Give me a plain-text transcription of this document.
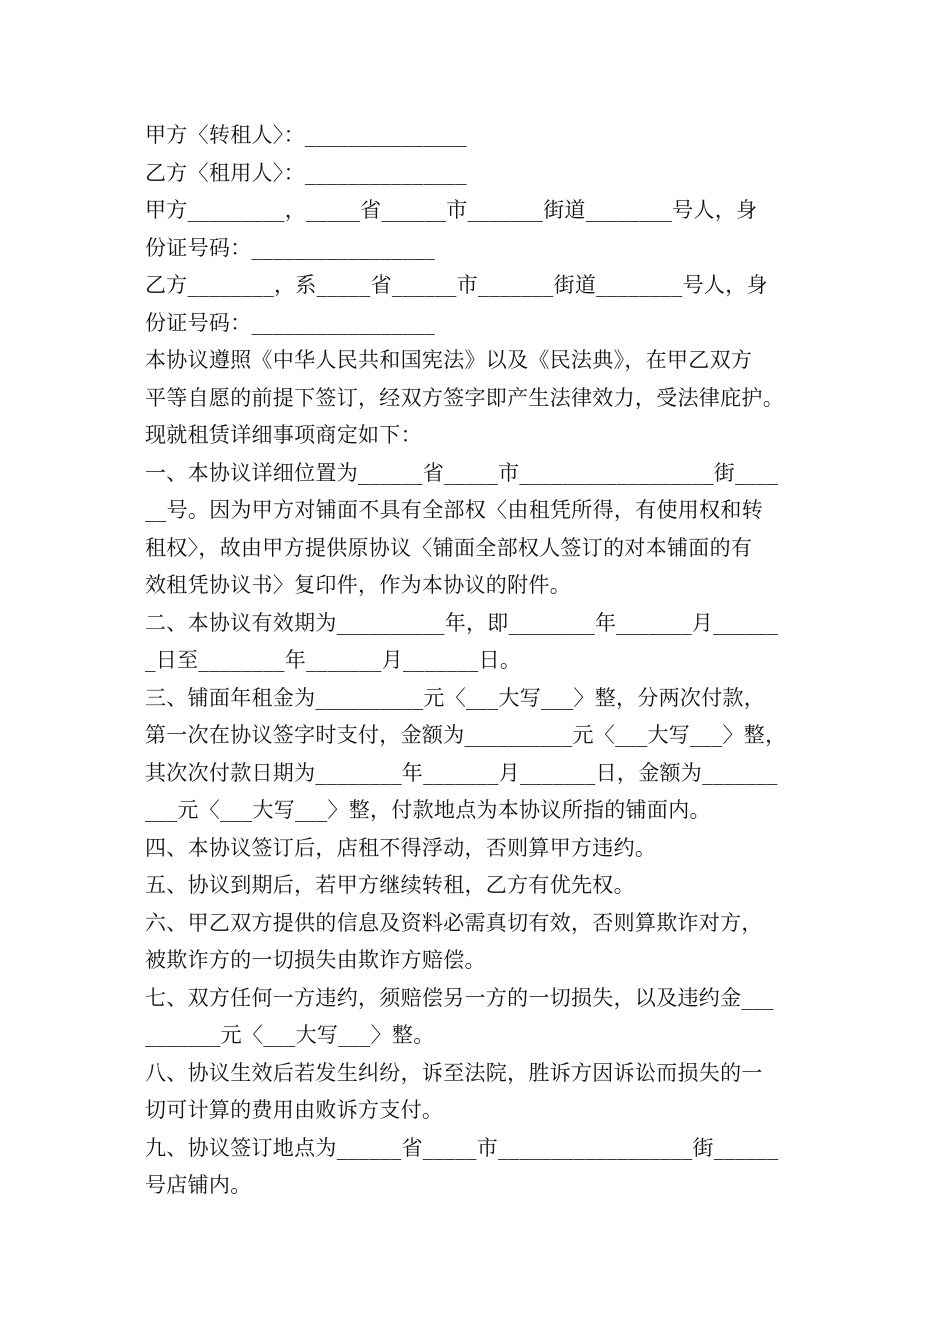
甲方〈转租人〉：_______________
乙方〈租用人〉：_______________
甲方_________，_____省______市_______街道________号人，身
份证号码：_________________
乙方________，系_____省______市_______街道________号人，身
份证号码：_________________
本协议遵照《中华人民共和国宪法》以及《民法典》，在甲乙双方
平等自愿的前提下签订，经双方签字即产生法律效力，受法律庇护。
现就租赁详细事项商定如下：
一、本协议详细位置为______省_____市__________________街____
__号。因为甲方对铺面不具有全部权〈由租凭所得，有使用权和转
租权〉，故由甲方提供原协议〈铺面全部权人签订的对本铺面的有
效租凭协议书〉复印件，作为本协议的附件。
二、本协议有效期为__________年，即________年_______月______
_日至________年_______月_______日。
三、铺面年租金为__________元〈___大写___〉整，分两次付款，
第一次在协议签字时支付，金额为__________元〈___大写___〉整，
其次次付款日期为________年_______月_______日，金额为_______
___元〈___大写___〉整，付款地点为本协议所指的铺面内。
四、本协议签订后，店租不得浮动，否则算甲方违约。
五、协议到期后，若甲方继续转租，乙方有优先权。
六、甲乙双方提供的信息及资料必需真切有效，否则算欺诈对方，
被欺诈方的一切损失由欺诈方赔偿。
七、双方任何一方违约，须赔偿另一方的一切损失，以及违约金___
_______元〈___大写___〉整。
八、协议生效后若发生纠纷，诉至法院，胜诉方因诉讼而损失的一
切可计算的费用由败诉方支付。
九、协议签订地点为______省_____市__________________街______
号店铺内。
